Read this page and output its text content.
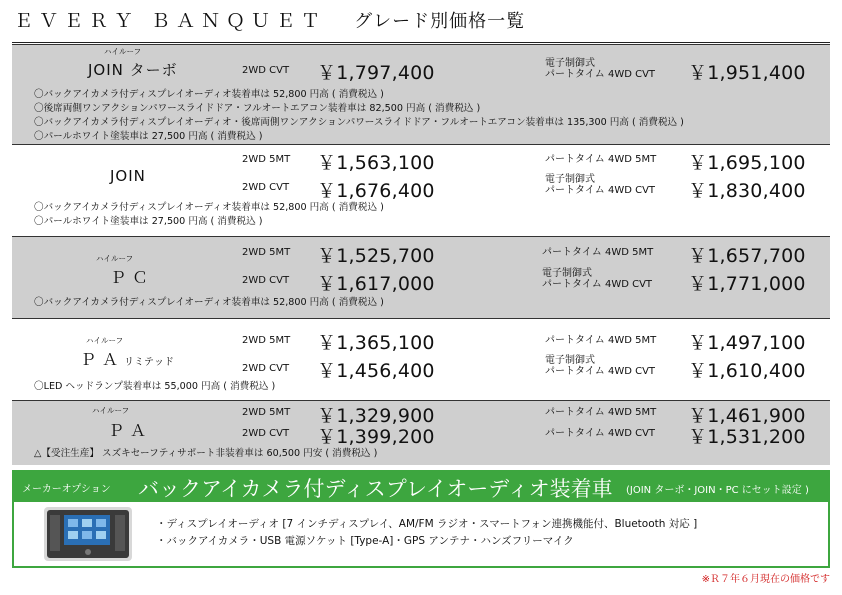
ＥＶＥＲＹ ＢＡＮＱＵＥＴ グレード別価格一覧
ハイルーフ
JOIN ターボ	2WD CVT ￥1,797,400	電子制御式
パートタイム 4WD CVT ￥1,951,400
〇バックアイカメラ付ディスプレイオーディオ装着車は 52,800 円高 ( 消費税込 )
〇後席両側ワンアクションパワースライドドア・フルオートエアコン装着車は 82,500 円高 ( 消費税込 )
〇バックアイカメラ付ディスプレイオーディオ・後席両側ワンアクションパワースライドドア・フルオートエアコン装着車は 135,300 円高 ( 消費税込 )
〇パールホワイト塗装車は 27,500 円高 ( 消費税込 )
JOIN
2WD 5MT ￥1,563,100
2WD CVT ￥1,676,400
パートタイム 4WD 5MT ￥1,695,100
電子制御式
パートタイム 4WD CVT ￥1,830,400
〇バックアイカメラ付ディスプレイオーディオ装着車は 52,800 円高 ( 消費税込 )
〇パールホワイト塗装車は 27,500 円高 ( 消費税込 )
ハイルーフ
ＰＣ
2WD 5MT ￥1,525,700
2WD CVT ￥1,617,000
パートタイム 4WD 5MT ￥1,657,700
電子制御式
パートタイム 4WD CVT ￥1,771,000
〇バックアイカメラ付ディスプレイオーディオ装着車は 52,800 円高 ( 消費税込 )
ハイルーフ
ＰＡリミテッド
2WD 5MT ￥1,365,100
2WD CVT ￥1,456,400
パートタイム 4WD 5MT ￥1,497,100
電子制御式
パートタイム 4WD CVT ￥1,610,400
〇LED ヘッドランプ装着車は 55,000 円高 ( 消費税込 )
ハイルーフ
ＰＡ
2WD 5MT ￥1,329,900
2WD CVT ￥1,399,200
パートタイム 4WD 5MT ￥1,461,900
パートタイム 4WD CVT ￥1,531,200
△【受注生産】 スズキセーフティサポート非装着車は 60,500 円安 ( 消費税込 )
メーカーオプション バックアイカメラ付ディスプレイオーディオ装着車 (JOIN ターボ・JOIN・PC にセット設定 )
・ディスプレイオーディオ [7 インチディスプレイ、AM/FM ラジオ・スマートフォン連携機能付、Bluetooth 対応 ]
・バックアイカメラ・USB 電源ソケット [Type-A]・GPS アンテナ・ハンズフリーマイク
※Ｒ７年６月現在の価格です
